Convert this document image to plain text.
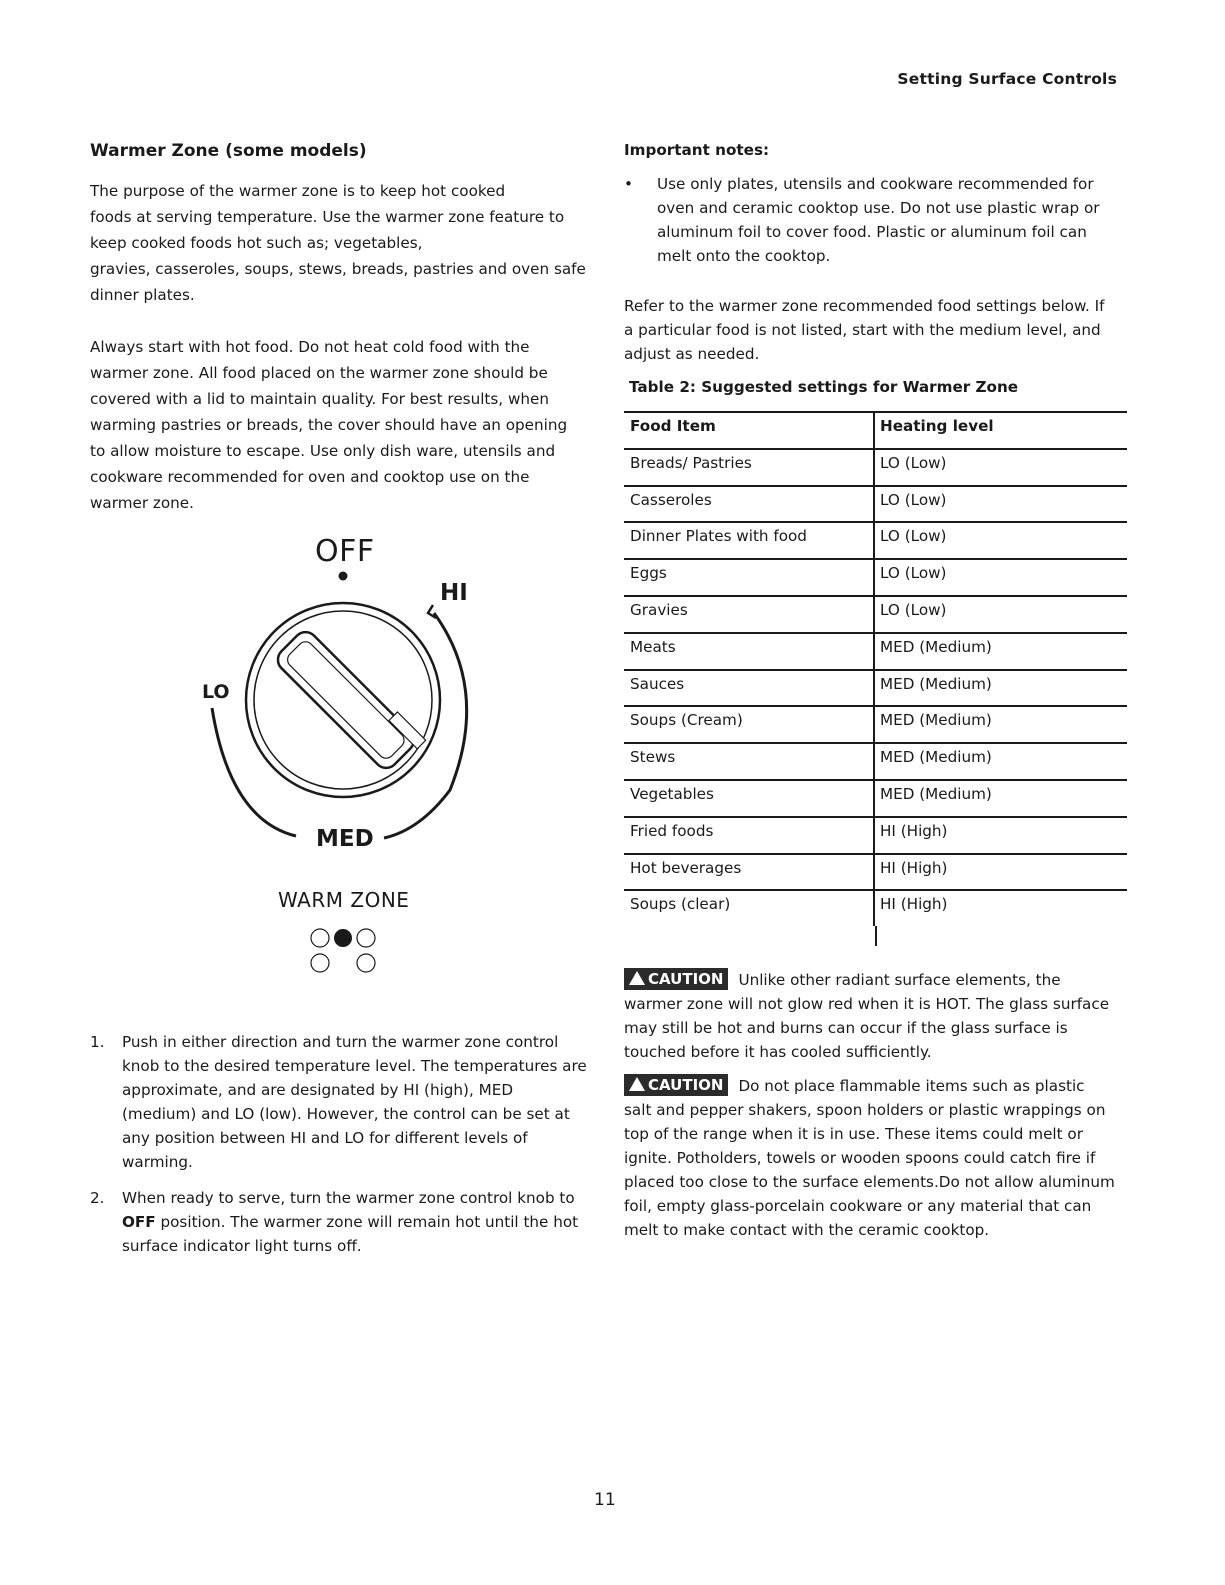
Setting Surface Controls
Warmer Zone (some models)
The purpose of the warmer zone is to keep hot cooked
foods at serving temperature. Use the warmer zone feature to
keep cooked foods hot such as; vegetables,
gravies, casseroles, soups, stews, breads, pastries and oven safe
dinner plates.
Always start with hot food. Do not heat cold food with the
warmer zone. All food placed on the warmer zone should be
covered with a lid to maintain quality. For best results, when
warming pastries or breads, the cover should have an opening
to allow moisture to escape. Use only dish ware, utensils and
cookware recommended for oven and cooktop use on the
warmer zone.
OFF
HI
LO
MED
WARM ZONE
1. Push in either direction and turn the warmer zone control
knob to the desired temperature level. The temperatures are
approximate, and are designated by HI (high), MED
(medium) and LO (low). However, the control can be set at
any position between HI and LO for different levels of
warming.
2. When ready to serve, turn the warmer zone control knob to
OFF position. The warmer zone will remain hot until the hot
surface indicator light turns off.
Important notes:
• Use only plates, utensils and cookware recommended for
oven and ceramic cooktop use. Do not use plastic wrap or
aluminum foil to cover food. Plastic or aluminum foil can
melt onto the cooktop.
Refer to the warmer zone recommended food settings below. If
a particular food is not listed, start with the medium level, and
adjust as needed.
Table 2: Suggested settings for Warmer Zone
Food Item	Heating level
Breads/ Pastries	LO (Low)
Casseroles	LO (Low)
Dinner Plates with food	LO (Low)
Eggs	LO (Low)
Gravies	LO (Low)
Meats	MED (Medium)
Sauces	MED (Medium)
Soups (Cream)	MED (Medium)
Stews	MED (Medium)
Vegetables	MED (Medium)
Fried foods	HI (High)
Hot beverages	HI (High)
Soups (clear)	HI (High)
CAUTION Unlike other radiant surface elements, the
warmer zone will not glow red when it is HOT. The glass surface
may still be hot and burns can occur if the glass surface is
touched before it has cooled sufficiently.
CAUTION Do not place flammable items such as plastic
salt and pepper shakers, spoon holders or plastic wrappings on
top of the range when it is in use. These items could melt or
ignite. Potholders, towels or wooden spoons could catch fire if
placed too close to the surface elements.Do not allow aluminum
foil, empty glass-porcelain cookware or any material that can
melt to make contact with the ceramic cooktop.
11
